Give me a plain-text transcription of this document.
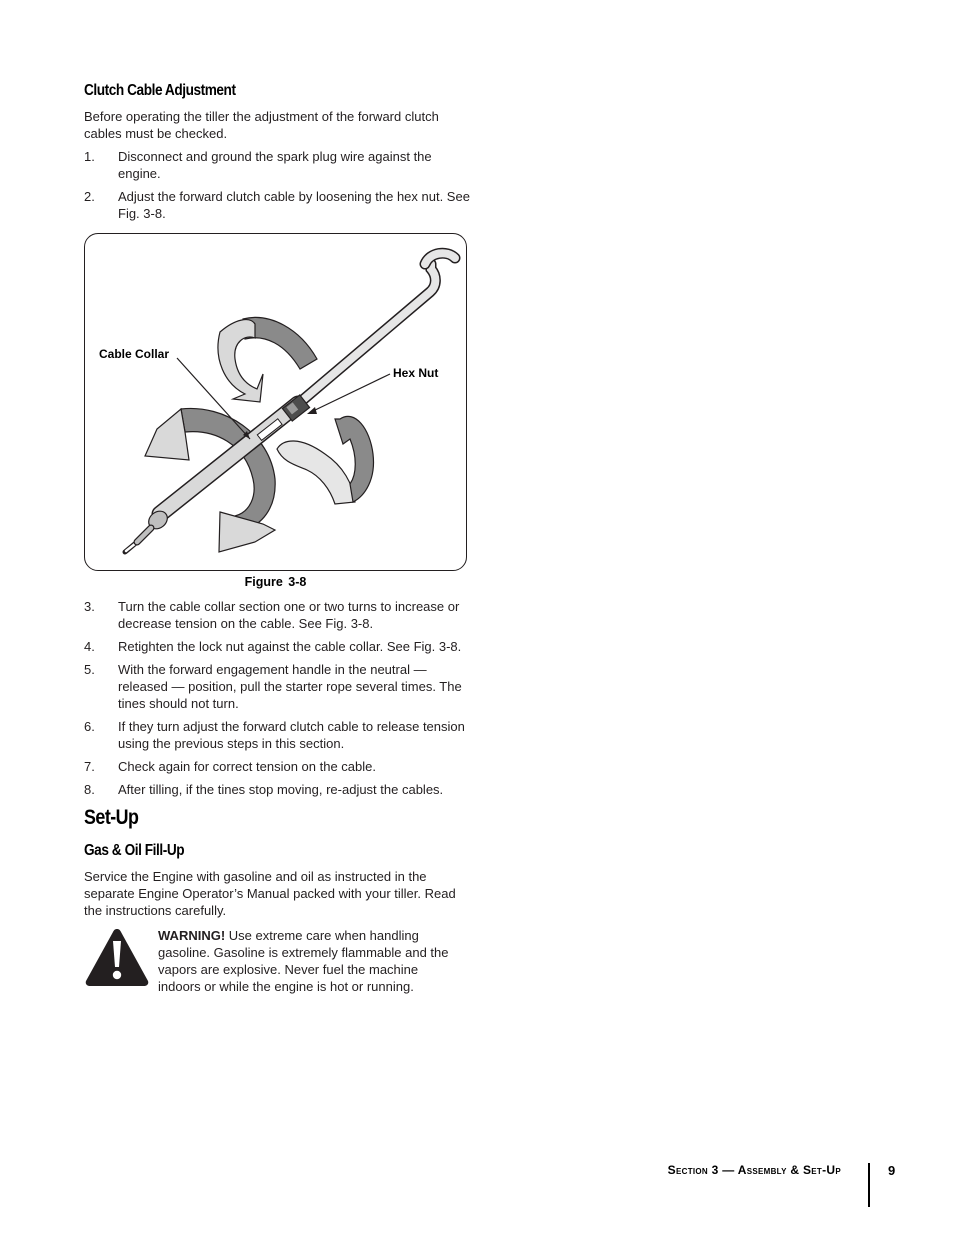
Clutch Cable Adjustment
Before operating the tiller the adjustment of the forward clutch cables must be checked.
1.	Disconnect and ground the spark plug wire against the engine.
2.	Adjust the forward clutch cable by loosening the hex nut. See Fig. 3-8.
Cable Collar
Hex Nut
Figure 3-8
3.	Turn the cable collar section one or two turns to increase or decrease tension on the cable. See Fig. 3-8.
4.	Retighten the lock nut against the cable collar. See Fig. 3-8.
5.	With the forward engagement handle in the neutral — released — position, pull the starter rope several times. The tines should not turn.
6.	If they turn adjust the forward clutch cable to release tension using the previous steps in this section.
7.	Check again for correct tension on the cable.
8.	After tilling, if the tines stop moving, re-adjust the cables.
Set-Up
Gas & Oil Fill-Up
Service the Engine with gasoline and oil as instructed in the separate Engine Operator’s Manual packed with your tiller. Read the instructions carefully.
WARNING! Use extreme care when handling gasoline. Gasoline is extremely flammable and the vapors are explosive. Never fuel the machine indoors or while the engine is hot or running.
Section 3 — Assembly & Set-Up	9
